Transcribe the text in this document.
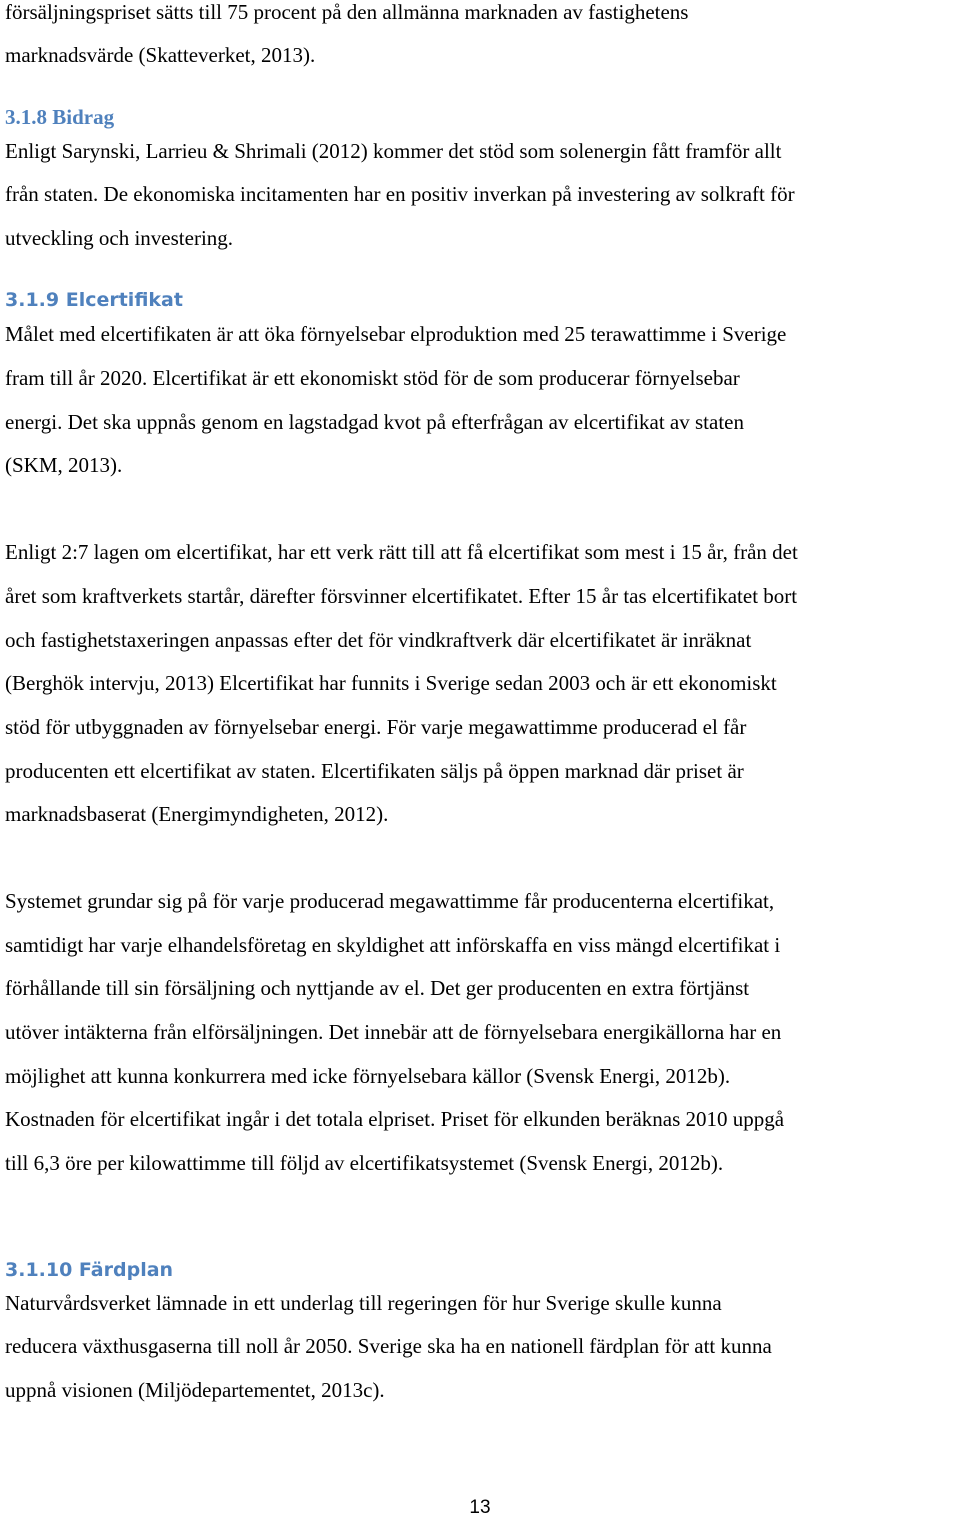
försäljningspriset sätts till 75 procent på den allmänna marknaden av fastighetens
marknadsvärde (Skatteverket, 2013).
3.1.8 Bidrag
Enligt Sarynski, Larrieu & Shrimali (2012) kommer det stöd som solenergin fått framför allt
från staten. De ekonomiska incitamenten har en positiv inverkan på investering av solkraft för
utveckling och investering.
3.1.9 Elcertifikat
Målet med elcertifikaten är att öka förnyelsebar elproduktion med 25 terawattimme i Sverige
fram till år 2020. Elcertifikat är ett ekonomiskt stöd för de som producerar förnyelsebar
energi. Det ska uppnås genom en lagstadgad kvot på efterfrågan av elcertifikat av staten
(SKM, 2013).
Enligt 2:7 lagen om elcertifikat, har ett verk rätt till att få elcertifikat som mest i 15 år, från det
året som kraftverkets startår, därefter försvinner elcertifikatet. Efter 15 år tas elcertifikatet bort
och fastighetstaxeringen anpassas efter det för vindkraftverk där elcertifikatet är inräknat
(Berghök intervju, 2013) Elcertifikat har funnits i Sverige sedan 2003 och är ett ekonomiskt
stöd för utbyggnaden av förnyelsebar energi. För varje megawattimme producerad el får
producenten ett elcertifikat av staten. Elcertifikaten säljs på öppen marknad där priset är
marknadsbaserat (Energimyndigheten, 2012).
Systemet grundar sig på för varje producerad megawattimme får producenterna elcertifikat,
samtidigt har varje elhandelsföretag en skyldighet att införskaffa en viss mängd elcertifikat i
förhållande till sin försäljning och nyttjande av el. Det ger producenten en extra förtjänst
utöver intäkterna från elförsäljningen. Det innebär att de förnyelsebara energikällorna har en
möjlighet att kunna konkurrera med icke förnyelsebara källor (Svensk Energi, 2012b).
Kostnaden för elcertifikat ingår i det totala elpriset. Priset för elkunden beräknas 2010 uppgå
till 6,3 öre per kilowattimme till följd av elcertifikatsystemet (Svensk Energi, 2012b).
3.1.10 Färdplan
Naturvårdsverket lämnade in ett underlag till regeringen för hur Sverige skulle kunna
reducera växthusgaserna till noll år 2050. Sverige ska ha en nationell färdplan för att kunna
uppnå visionen (Miljödepartementet, 2013c).
13
